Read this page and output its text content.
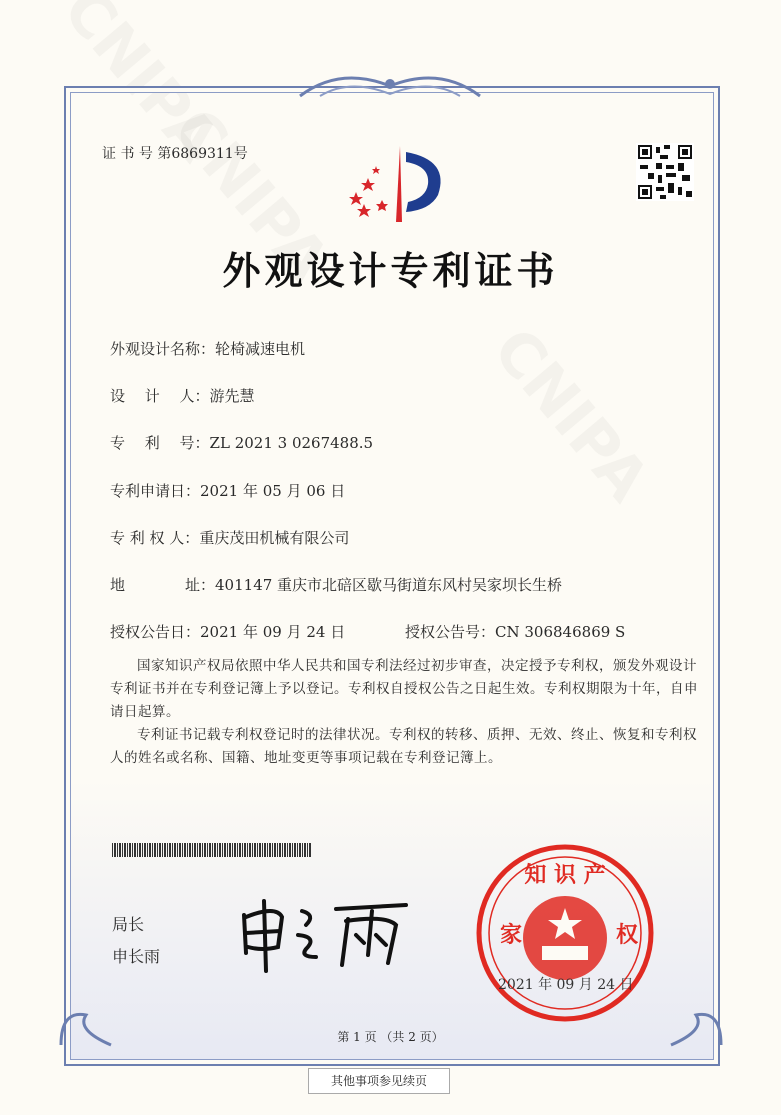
证 书 号 第6869311号
外观设计专利证书
外观设计名称：轮椅减速电机
设　 计　 人：游先慧
专　 利　 号：ZL 2021 3 0267488.5
专利申请日：2021 年 05 月 06 日
专 利 权 人：重庆茂田机械有限公司
地　　　　址：401147 重庆市北碚区歇马街道东风村吴家坝长生桥
授权公告日：2021 年 09 月 24 日	授权公告号：CN 306846869 S
国家知识产权局依照中华人民共和国专利法经过初步审查，决定授予专利权，颁发外观设计专利证书并在专利登记簿上予以登记。专利权自授权公告之日起生效。专利权期限为十年，自申请日起算。
专利证书记载专利权登记时的法律状况。专利权的转移、质押、无效、终止、恢复和专利权人的姓名或名称、国籍、地址变更等事项记载在专利登记簿上。
局长
申长雨
知 识 产
家	权
2021 年 09 月 24 日
第 1 页 （共 2 页）
其他事项参见续页
